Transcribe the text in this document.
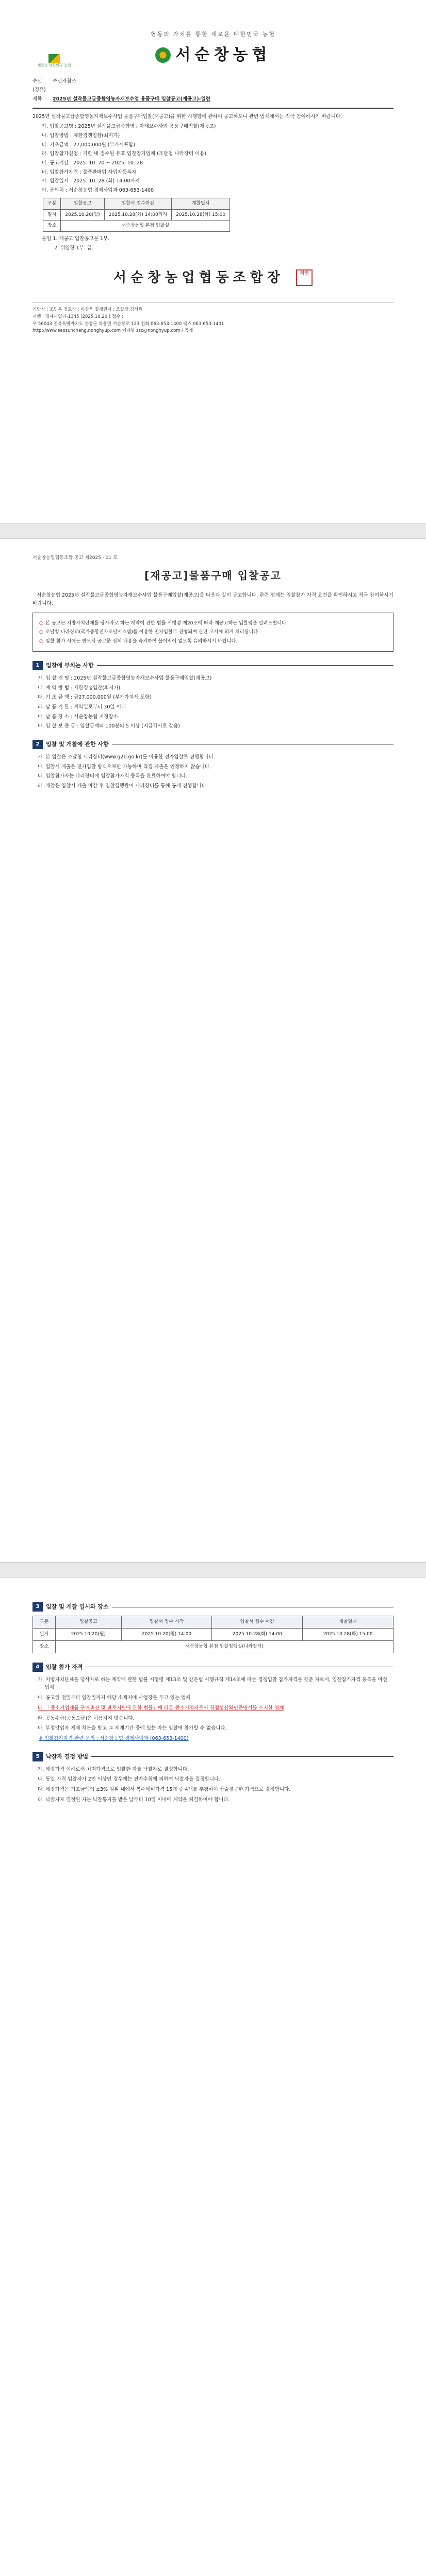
새로운 대한민국 농협
협동의 가치를 통한 새로운 대한민국 농협
서순창농협
수신 수신자참조
(경유)
제목 2025년 설작물고급종합영농자재보수업 용품구매 입찰공고(재공고)-일련
2025년 설작물고급종합영농자재보수사업 물품구매입찰(재공고)을 위한 시행함에 관하여 공고하오니 관련 업체에서는 적극 참여하시기 바랍니다.
가. 입찰공고명 : 2025년 설작물고급종합영농자재보수사업 용품구매입찰(재공고)
나. 입찰방법 : 제한경쟁입찰(최저가)
다. 기초금액 : 27,000,000원 (부가세포함)
라. 입찰참가신청 : 기한 내 접수된 유효 입찰참가업체 (조달청 나라장터 이용)
마. 공고기간 : 2025. 10. 20 ~ 2025. 10. 28
바. 입찰참가자격 : 물품판매업 사업자등록자
사. 입찰일시 : 2025. 10. 28 (화) 14:00까지
아. 문의처 : 서순창농협 경제사업과 063-653-1400
구분	입찰공고	입찰서 접수마감	개찰일시
일시	2025.10.20(월)	2025.10.28(화) 14:00까지	2025.10.28(화) 15:00
장소	서순창농협 본점 입찰실		
붙임 1. 재공고 입찰공고문 1부.
2. 위임장 1부. 끝.
서순창농업협동조합장	직인
기안자 : 조민우 검토자 : 이상욱 결재권자 : 조합장 김석원
시행 : 경제사업과-1345 (2025.10.20.) 접수 :
우 56043 전북특별자치도 순창군 복흥면 서순창로 123 전화 063-653-1400 팩스 063-653-1401
http://www.seosunchang.nonghyup.com 이메일 ssc@nonghyup.com / 공개
서순창농업협동조합 공고 제2025 - 11 호
[재공고]물품구매 입찰공고
서순창농협 2025년 설작물고급종합영농자재보수사업 물품구매입찰(재공고)을 다음과 같이 공고합니다. 관련 업체는 입찰참가 자격 요건을 확인하시고 적극 참여하시기 바랍니다.
○ 본 공고는 지방자치단체를 당사자로 하는 계약에 관한 법률 시행령 제20조에 따라 재공고하는 입찰임을 알려드립니다.
○ 조달청 나라장터(국가종합전자조달시스템)를 이용한 전자입찰로 진행되며 관련 고시에 의거 처리됩니다.
○ 입찰 참가 시에는 반드시 공고문 전체 내용을 숙지하여 불이익이 없도록 유의하시기 바랍니다.
1	입찰에 부치는 사항
가. 입 찰 건 명 : 2025년 설작물고급종합영농자재보수사업 물품구매입찰(재공고)
나. 계 약 방 법 : 제한경쟁입찰(최저가)
다. 기 초 금 액 : 금27,000,000원 (부가가치세 포함)
라. 납 품 기 한 : 계약일로부터 30일 이내
마. 납 품 장 소 : 서순창농협 지정장소
바. 입 찰 보 증 금 : 입찰금액의 100분의 5 이상 (지급각서로 갈음)
2	입찰 및 개찰에 관한 사항
가. 본 입찰은 조달청 나라장터(www.g2b.go.kr)를 이용한 전자입찰로 진행합니다.
나. 입찰서 제출은 전자입찰 방식으로만 가능하며 직접 제출은 인정하지 않습니다.
다. 입찰참가자는 나라장터에 입찰참가자격 등록을 완료하여야 합니다.
라. 개찰은 입찰서 제출 마감 후 입찰집행관이 나라장터를 통해 공개 진행합니다.
3	입찰 및 개찰 일시와 장소
구분	입찰공고	입찰서 접수 시작	입찰서 접수 마감	개찰일시
일시	2025.10.20(월)	2025.10.20(월) 14:00	2025.10.28(화) 14:00	2025.10.28(화) 15:00
장소	서순창농협 본점 입찰집행실(나라장터)			
4	입찰 참가 자격
가. 지방자치단체를 당사자로 하는 계약에 관한 법률 시행령 제13조 및 같은법 시행규칙 제14조에 따른 경쟁입찰 참가자격을 갖춘 자로서, 입찰참가자격 등록을 마친 업체
나. 공고일 전일부터 입찰일까지 해당 소재지에 사업장을 두고 있는 업체
다. 「중소기업제품 구매촉진 및 판로지원에 관한 법률」에 따른 중소기업자로서 직접생산확인증명서를 소지한 업체
라. 공동수급(공동도급)은 허용하지 않습니다.
마. 부정당업자 제재 처분을 받고 그 제재기간 중에 있는 자는 입찰에 참가할 수 없습니다.
※ 입찰참가자격 관련 문의 : 서순창농협 경제사업과 (063-653-1400)
5	낙찰자 결정 방법
가. 예정가격 이하로서 최저가격으로 입찰한 자를 낙찰자로 결정합니다.
나. 동일 가격 입찰자가 2인 이상인 경우에는 전자추첨에 의하여 낙찰자를 결정합니다.
다. 예정가격은 기초금액의 ±3% 범위 내에서 복수예비가격 15개 중 4개를 추첨하여 산술평균한 가격으로 결정합니다.
라. 낙찰자로 결정된 자는 낙찰통지를 받은 날부터 10일 이내에 계약을 체결하여야 합니다.
